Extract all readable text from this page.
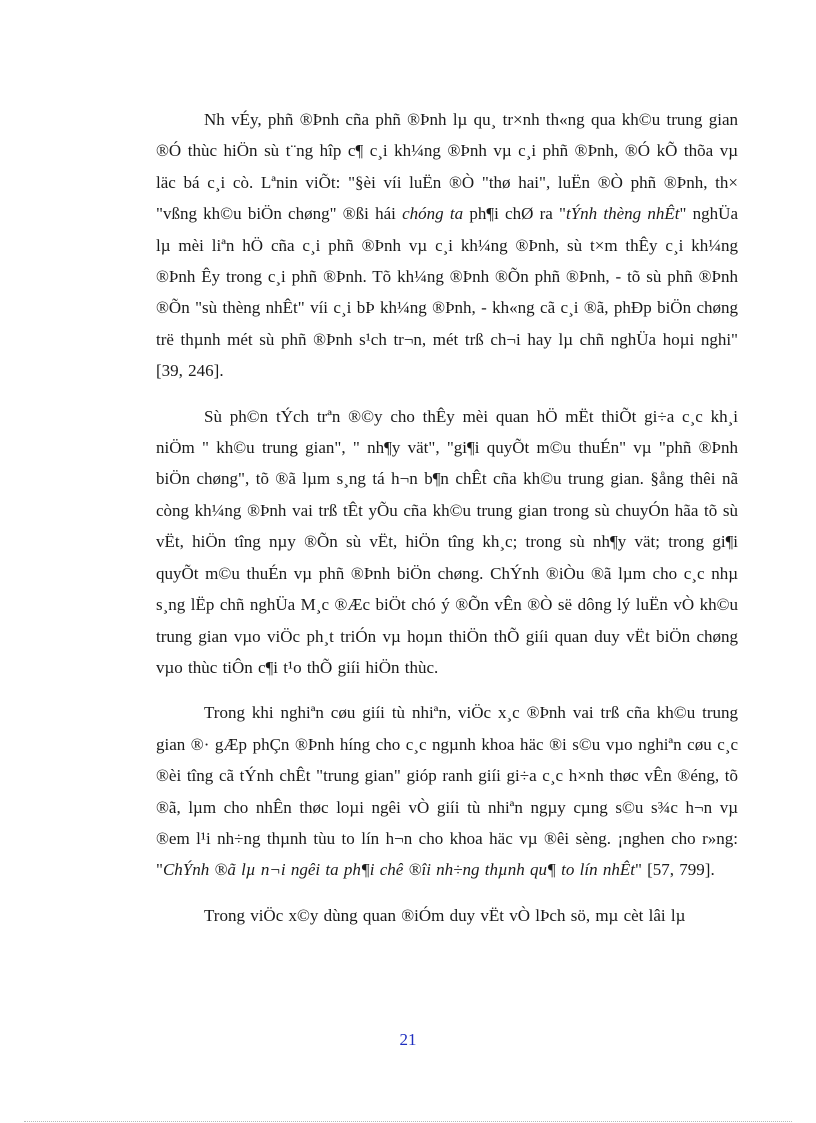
Nh vÉy, phñ ®Þnh cña phñ ®Þnh lµ qu¸ tr×nh th«ng qua kh©u trung gian ®Ó thùc hiÖn sù t¨ng hîp c¶ c¸i kh¼ng ®Þnh vµ c¸i phñ ®Þnh, ®Ó kÕ thõa vµ läc bá c¸i cò. Lªnin viÕt: "§èi víi luËn ®Ò "thø hai", luËn ®Ò phñ ®Þnh, th× "vßng kh©u biÖn chøng" ®ßi hái chóng ta ph¶i chØ ra "tÝnh thèng nhÊt" nghÜa lµ mèi liªn hÖ cña c¸i phñ ®Þnh vµ c¸i kh¼ng ®Þnh, sù t×m thÊy c¸i kh¼ng ®Þnh Êy trong c¸i phñ ®Þnh. Tõ kh¼ng ®Þnh ®Õn phñ ®Þnh, - tõ sù phñ ®Þnh ®Õn "sù thèng nhÊt" víi c¸i bÞ kh¼ng ®Þnh, - kh«ng cã c¸i ®ã, phÐp biÖn chøng trë thµnh mét sù phñ ®Þnh s¹ch tr¬n, mét trß ch¬i hay lµ chñ nghÜa hoµi nghi" [39, 246].

Sù ph©n tÝch trªn ®©y cho thÊy mèi quan hÖ mËt thiÕt gi÷a c¸c kh¸i niÖm " kh©u trung gian", " nh¶y vät", "gi¶i quyÕt m©u thuÉn" vµ "phñ ®Þnh biÖn chøng", tõ ®ã lµm s¸ng tá h¬n b¶n chÊt cña kh©u trung gian. §ång thêi nã còng kh¼ng ®Þnh vai trß tÊt yÕu cña kh©u trung gian trong sù chuyÓn hãa tõ sù vËt, hiÖn tîng nµy ®Õn sù vËt, hiÖn tîng kh¸c; trong sù nh¶y vät; trong gi¶i quyÕt m©u thuÉn vµ phñ ®Þnh biÖn chøng. ChÝnh ®iÒu ®ã lµm cho c¸c nhµ s¸ng lËp chñ nghÜa M¸c ®Æc biÖt chó ý ®Õn vÊn ®Ò së dông lý luËn vÒ kh©u trung gian vµo viÖc ph¸t triÓn vµ hoµn thiÖn thÕ giíi quan duy vËt biÖn chøng vµo thùc tiÔn c¶i t¹o thÕ giíi hiÖn thùc.

Trong khi nghiªn cøu giíi tù nhiªn, viÖc x¸c ®Þnh vai trß cña kh©u trung gian ®· gÆp phÇn ®Þnh híng cho c¸c ngµnh khoa häc ®i s©u vµo nghiªn cøu c¸c ®èi tîng cã tÝnh chÊt "trung gian" gióp ranh giíi gi÷a c¸c h×nh thøc vÊn ®éng, tõ ®ã, lµm cho nhÊn thøc loµi ngêi vÒ giíi tù nhiªn ngµy cµng s©u s¾c h¬n vµ ®em l¹i nh÷ng thµnh tùu to lín h¬n cho khoa häc vµ ®êi sèng. ¡nghen cho r»ng: "ChÝnh ®ã lµ n¬i ngêi ta ph¶i chê ®îi nh÷ng thµnh qu¶ to lín nhÊt" [57, 799].

Trong viÖc x©y dùng quan ®iÓm duy vËt vÒ lÞch sö, mµ cèt lâi lµ

21
